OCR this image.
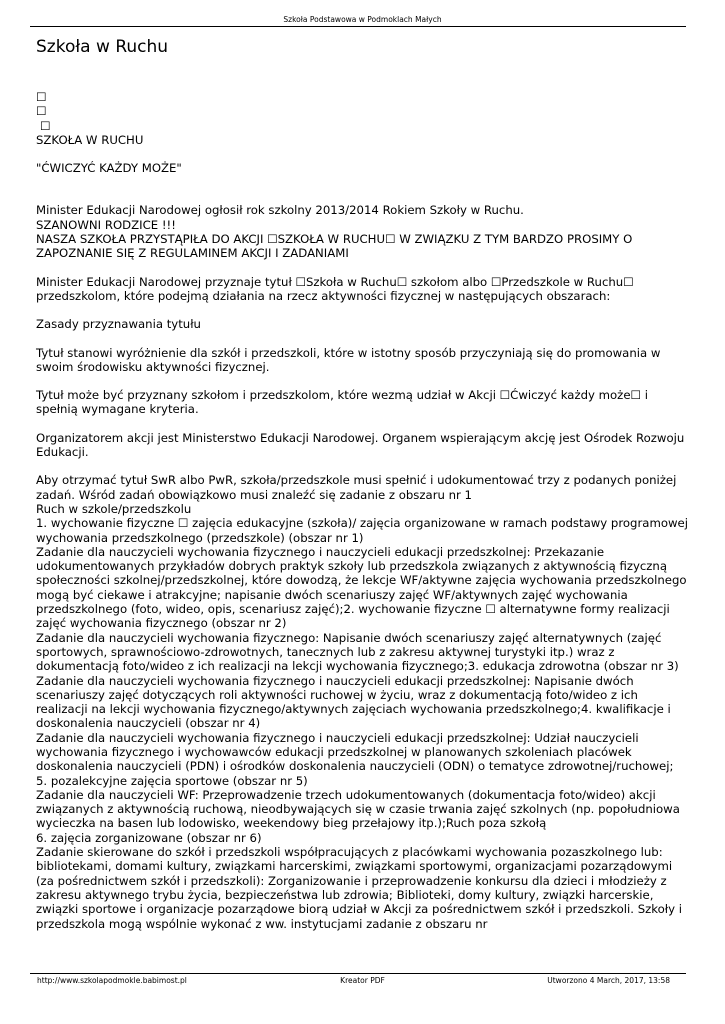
Szkoła Podstawowa w Podmoklach Małych
Szkoła w Ruchu

☐

☐

☐

SZKOŁA W RUCHU

"ĆWICZYĆ KAŻDY MOŻE"

Minister Edukacji Narodowej ogłosił rok szkolny 2013/2014 Rokiem Szkoły w Ruchu.

SZANOWNI RODZICE !!!

NASZA SZKOŁA PRZYSTĄPIŁA DO AKCJI ☐SZKOŁA W RUCHU☐ W ZWIĄZKU Z TYM BARDZO PROSIMY O ZAPOZNANIE SIĘ Z REGULAMINEM AKCJI I ZADANIAMI

Minister Edukacji Narodowej przyznaje tytuł ☐Szkoła w Ruchu☐ szkołom albo ☐Przedszkole w Ruchu☐ przedszkolom, które podejmą działania na rzecz aktywności fizycznej w następujących obszarach:

Zasady przyznawania tytułu

Tytuł stanowi wyróżnienie dla szkół i przedszkoli, które w istotny sposób przyczyniają się do promowania w swoim środowisku aktywności fizycznej.

Tytuł może być przyznany szkołom i przedszkolom, które wezmą udział w Akcji ☐Ćwiczyć każdy może☐ i spełnią wymagane kryteria.

Organizatorem akcji jest Ministerstwo Edukacji Narodowej. Organem wspierającym akcję jest Ośrodek Rozwoju Edukacji.

Aby otrzymać tytuł SwR albo PwR, szkoła/przedszkole musi spełnić i udokumentować trzy z podanych poniżej zadań. Wśród zadań obowiązkowo musi znaleźć się zadanie z obszaru nr 1

Ruch w szkole/przedszkolu

1. wychowanie fizyczne ☐ zajęcia edukacyjne (szkoła)/ zajęcia organizowane w ramach podstawy programowej wychowania przedszkolnego (przedszkole) (obszar nr 1)

Zadanie dla nauczycieli wychowania fizycznego i nauczycieli edukacji przedszkolnej: Przekazanie udokumentowanych przykładów dobrych praktyk szkoły lub przedszkola związanych z aktywnością fizyczną społeczności szkolnej/przedszkolnej, które dowodzą, że lekcje WF/aktywne zajęcia wychowania przedszkolnego mogą być ciekawe i atrakcyjne; napisanie dwóch scenariuszy zajęć WF/aktywnych zajęć wychowania przedszkolnego (foto, wideo, opis, scenariusz zajęć);2. wychowanie fizyczne ☐ alternatywne formy realizacji zajęć wychowania fizycznego (obszar nr 2)

Zadanie dla nauczycieli wychowania fizycznego: Napisanie dwóch scenariuszy zajęć alternatywnych (zajęć sportowych, sprawnościowo-zdrowotnych, tanecznych lub z zakresu aktywnej turystyki itp.) wraz z dokumentacją foto/wideo z ich realizacji na lekcji wychowania fizycznego;3. edukacja zdrowotna (obszar nr 3)

Zadanie dla nauczycieli wychowania fizycznego i nauczycieli edukacji przedszkolnej: Napisanie dwóch scenariuszy zajęć dotyczących roli aktywności ruchowej w życiu, wraz z dokumentacją foto/wideo z ich realizacji na lekcji wychowania fizycznego/aktywnych zajęciach wychowania przedszkolnego;4. kwalifikacje i doskonalenia nauczycieli (obszar nr 4)

Zadanie dla nauczycieli wychowania fizycznego i nauczycieli edukacji przedszkolnej: Udział nauczycieli wychowania fizycznego i wychowawców edukacji przedszkolnej w planowanych szkoleniach placówek doskonalenia nauczycieli (PDN) i ośrodków doskonalenia nauczycieli (ODN) o tematyce zdrowotnej/ruchowej; 5. pozalekcyjne zajęcia sportowe (obszar nr 5)

Zadanie dla nauczycieli WF: Przeprowadzenie trzech udokumentowanych (dokumentacja foto/wideo) akcji związanych z aktywnością ruchową, nieodbywających się w czasie trwania zajęć szkolnych (np. popołudniowa wycieczka na basen lub lodowisko, weekendowy bieg przełajowy itp.);Ruch poza szkołą

6. zajęcia zorganizowane (obszar nr 6)

Zadanie skierowane do szkół i przedszkoli współpracujących z placówkami wychowania pozaszkolnego lub: bibliotekami, domami kultury, związkami harcerskimi, związkami sportowymi, organizacjami pozarządowymi (za pośrednictwem szkół i przedszkoli): Zorganizowanie i przeprowadzenie konkursu dla dzieci i młodzieży z zakresu aktywnego trybu życia, bezpieczeństwa lub zdrowia; Biblioteki, domy kultury, związki harcerskie, związki sportowe i organizacje pozarządowe biorą udział w Akcji za pośrednictwem szkół i przedszkoli. Szkoły i przedszkola mogą wspólnie wykonać z ww. instytucjami zadanie z obszaru nr

http://www.szkolapodmokle.babimost.pl	Kreator PDF	Utworzono 4 March, 2017, 13:58
